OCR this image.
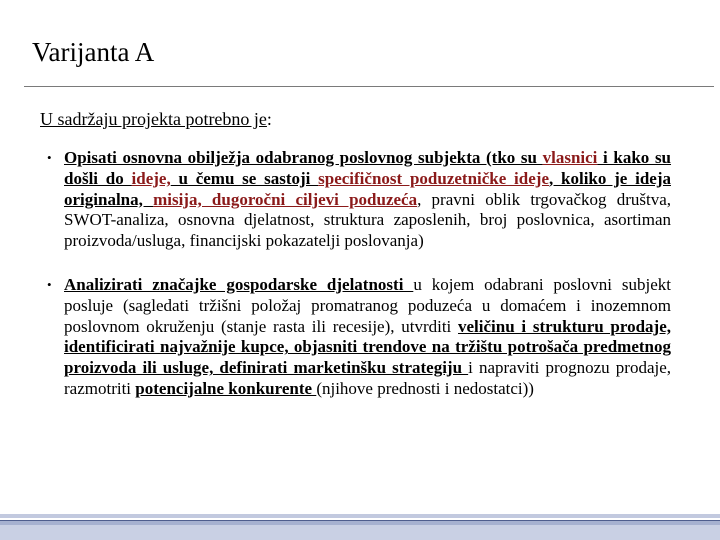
Varijanta A
U sadržaju projekta potrebno je:
• Opisati osnovna obilježja odabranog poslovnog subjekta (tko su vlasnici i kako su došli do ideje, u čemu se sastoji specifičnost poduzetničke ideje, koliko je ideja originalna, misija, dugoročni ciljevi poduzeća, pravni oblik trgovačkog društva, SWOT-analiza, osnovna djelatnost, struktura zaposlenih, broj poslovnica, asortiman proizvoda/usluga, financijski pokazatelji poslovanja)
• Analizirati značajke gospodarske djelatnosti u kojem odabrani poslovni subjekt posluje (sagledati tržišni položaj promatranog poduzeća u domaćem i inozemnom poslovnom okruženju (stanje rasta ili recesije), utvrditi veličinu i strukturu prodaje, identificirati najvažnije kupce, objasniti trendove na tržištu potrošača predmetnog proizvoda ili usluge, definirati marketinšku strategiju i napraviti prognozu prodaje, razmotriti potencijalne konkurente (njihove prednosti i nedostatci))
